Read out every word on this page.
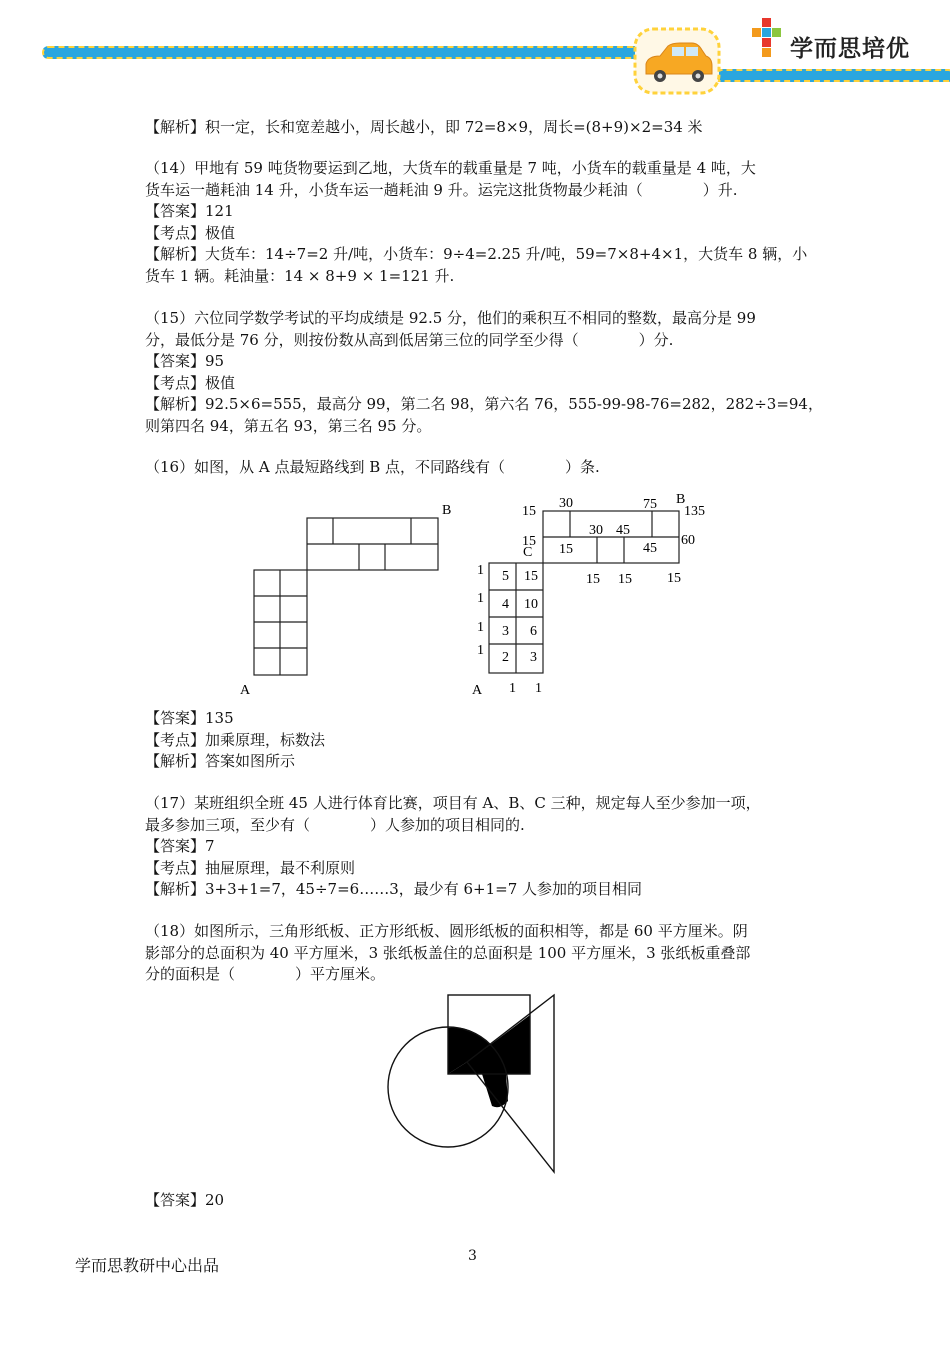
学而思培优
【解析】积一定，长和宽差越小，周长越小，即 72=8×9，周长=(8+9)×2=34 米
（14）甲地有 59 吨货物要运到乙地，大货车的载重量是 7 吨，小货车的载重量是 4 吨，大
货车运一趟耗油 14 升，小货车运一趟耗油 9 升。运完这批货物最少耗油（　　　　）升.
【答案】121
【考点】极值
【解析】大货车：14÷7=2 升/吨，小货车：9÷4=2.25 升/吨，59=7×8+4×1，大货车 8 辆，小
货车 1 辆。耗油量：14 × 8+9 × 1=121 升.
（15）六位同学数学考试的平均成绩是 92.5 分，他们的乘积互不相同的整数，最高分是 99
分，最低分是 76 分，则按份数从高到低居第三位的同学至少得（　　　　）分.
【答案】95
【考点】极值
【解析】92.5×6=555，最高分 99，第二名 98，第六名 76，555-99-98-76=282，282÷3=94，
则第四名 94，第五名 93，第三名 95 分。
（16）如图，从 A 点最短路线到 B 点，不同路线有（　　　　）条.
A
B
A
B
C
1 1
1
1
1
1
5
4
3
2
15
10
6
3
15
15
15 15	15
15
30 45
45
30	75 135
60
【答案】135
【考点】加乘原理，标数法
【解析】答案如图所示
（17）某班组织全班 45 人进行体育比赛，项目有 A、B、C 三种，规定每人至少参加一项，
最多参加三项，至少有（　　　　）人参加的项目相同的.
【答案】7
【考点】抽屉原理，最不利原则
【解析】3+3+1=7，45÷7=6……3，最少有 6+1=7 人参加的项目相同
（18）如图所示，三角形纸板、正方形纸板、圆形纸板的面积相等，都是 60 平方厘米。阴
影部分的总面积为 40 平方厘米，3 张纸板盖住的总面积是 100 平方厘米，3 张纸板重叠部
分的面积是（　　　　）平方厘米。
【答案】20
3
学而思教研中心出品
